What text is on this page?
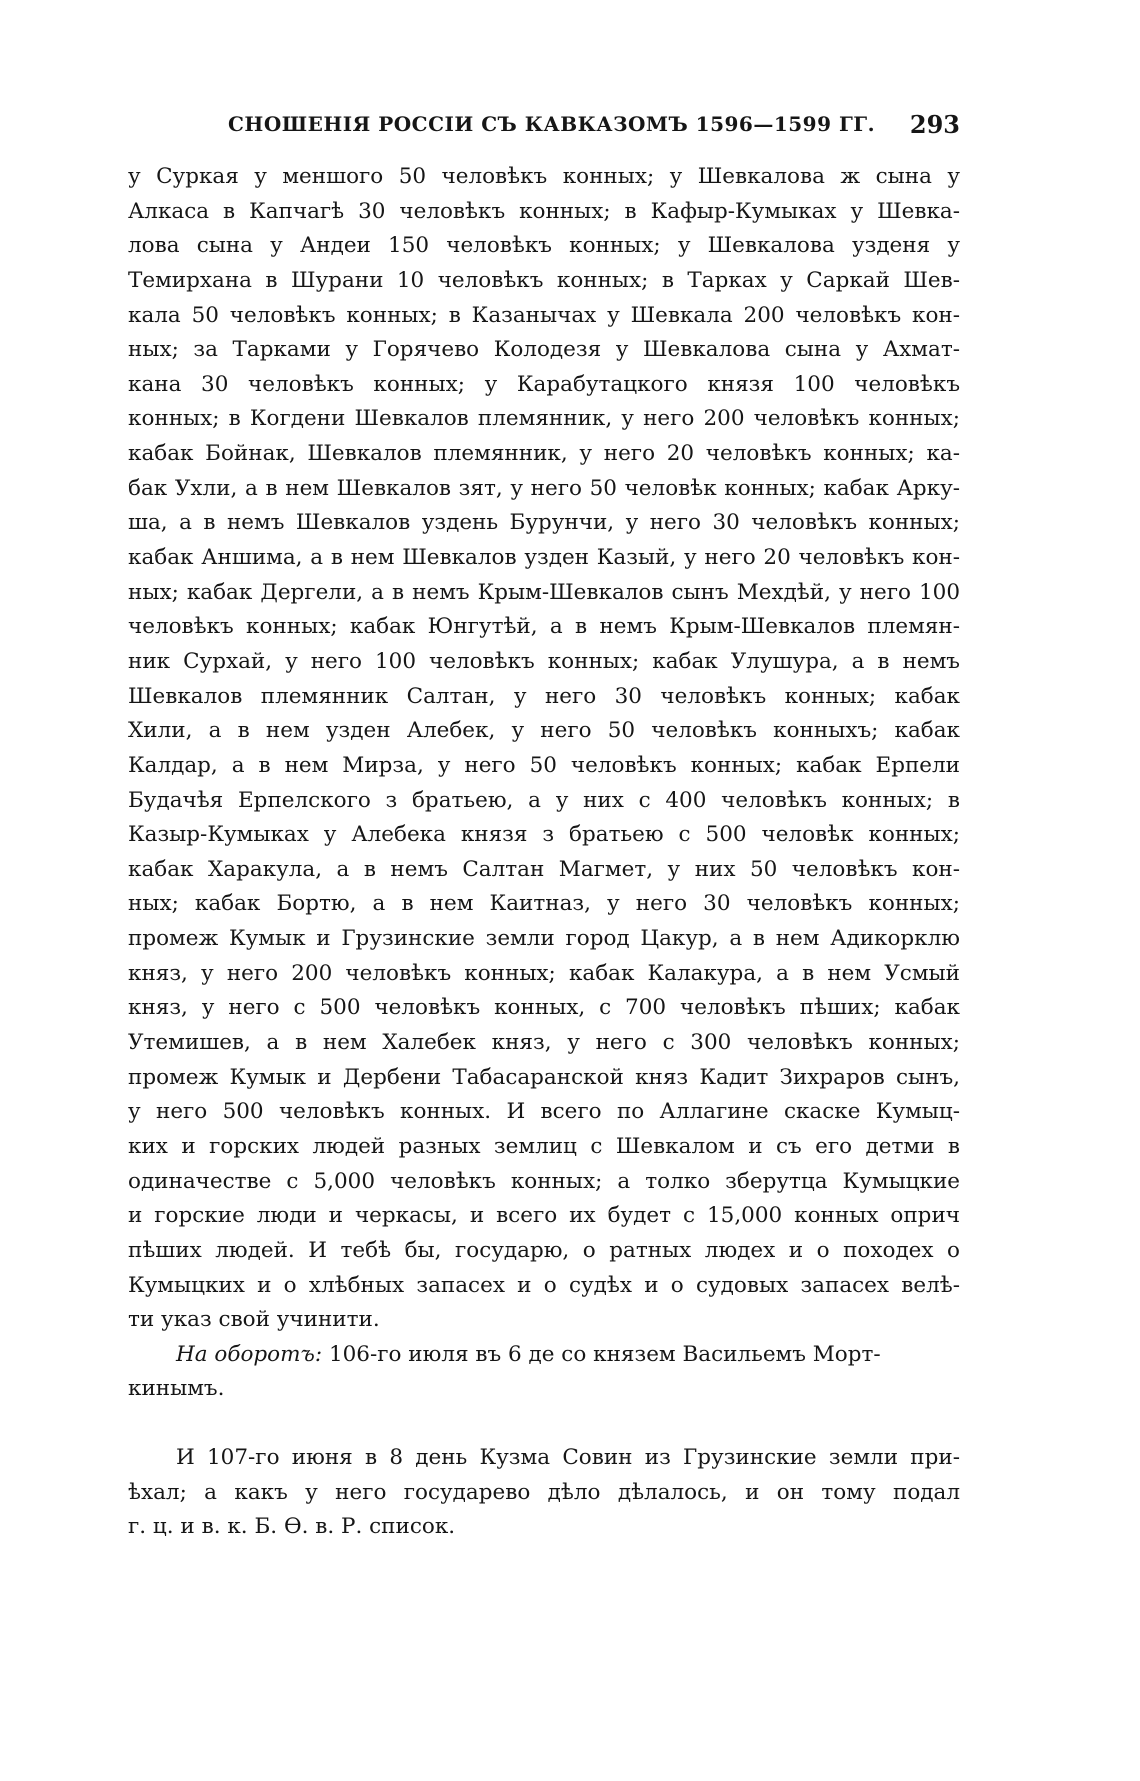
СНОШЕНІЯ РОССІИ СЪ КАВКАЗОМЪ 1596—1599 ГГ. 293
у Суркая у меншого 50 человѣкъ конных; у Шевкалова ж сына у
Алкаса в Капчагѣ 30 человѣкъ конных; в Кафыр-Кумыках у Шевка-
лова сына у Андеи 150 человѣкъ конных; у Шевкалова узденя у
Темирхана в Шурани 10 человѣкъ конных; в Тарках у Саркай Шев-
кала 50 человѣкъ конных; в Казанычах у Шевкала 200 человѣкъ кон-
ных; за Тарками у Горячево Колодезя у Шевкалова сына у Ахмат-
кана 30 человѣкъ конных; у Карабутацкого князя 100 человѣкъ
конных; в Когдени Шевкалов племянник, у него 200 человѣкъ конных;
кабак Бойнак, Шевкалов племянник, у него 20 человѣкъ конных; ка-
бак Ухли, а в нем Шевкалов зят, у него 50 человѣк конных; кабак Арку-
ша, а в немъ Шевкалов уздень Бурунчи, у него 30 человѣкъ конных;
кабак Аншима, а в нем Шевкалов узден Казый, у него 20 человѣкъ кон-
ных; кабак Дергели, а в немъ Крым-Шевкалов сынъ Мехдѣй, у него 100
человѣкъ конных; кабак Юнгутѣй, а в немъ Крым-Шевкалов племян-
ник Сурхай, у него 100 человѣкъ конных; кабак Улушура, а в немъ
Шевкалов племянник Салтан, у него 30 человѣкъ конных; кабак
Хили, а в нем узден Алебек, у него 50 человѣкъ конныхъ; кабак
Калдар, а в нем Мирза, у него 50 человѣкъ конных; кабак Ерпели
Будачѣя Ерпелского з братьею, а у них с 400 человѣкъ конных; в
Казыр-Кумыках у Алебека князя з братьею с 500 человѣк конных;
кабак Харакула, а в немъ Салтан Магмет, у них 50 человѣкъ кон-
ных; кабак Бортю, а в нем Каитназ, у него 30 человѣкъ конных;
промеж Кумык и Грузинские земли город Цакур, а в нем Адикорклю
княз, у него 200 человѣкъ конных; кабак Калакура, а в нем Усмый
княз, у него с 500 человѣкъ конных, с 700 человѣкъ пѣших; кабак
Утемишев, а в нем Халебек княз, у него с 300 человѣкъ конных;
промеж Кумык и Дербени Табасаранской княз Кадит Зихраров сынъ,
у него 500 человѣкъ конных. И всего по Аллагине скаске Кумыц-
ких и горских людей разных землиц с Шевкалом и съ его детми в
одиначестве с 5,000 человѣкъ конных; а толко зберутца Кумыцкие
и горские люди и черкасы, и всего их будет с 15,000 конных оприч
пѣших людей. И тебѣ бы, государю, о ратных людех и о походех о
Кумыцких и о хлѣбных запасех и о судѣх и о судовых запасех велѣ-
ти указ свой учинити.
На оборотъ: 106-го июля въ 6 де со князем Васильемъ Морт-
кинымъ.
И 107-го июня в 8 день Кузма Совин из Грузинские земли при-
ѣхал; а какъ у него государево дѣло дѣлалось, и он тому подал
г. ц. и в. к. Б. Ѳ. в. Р. список.
